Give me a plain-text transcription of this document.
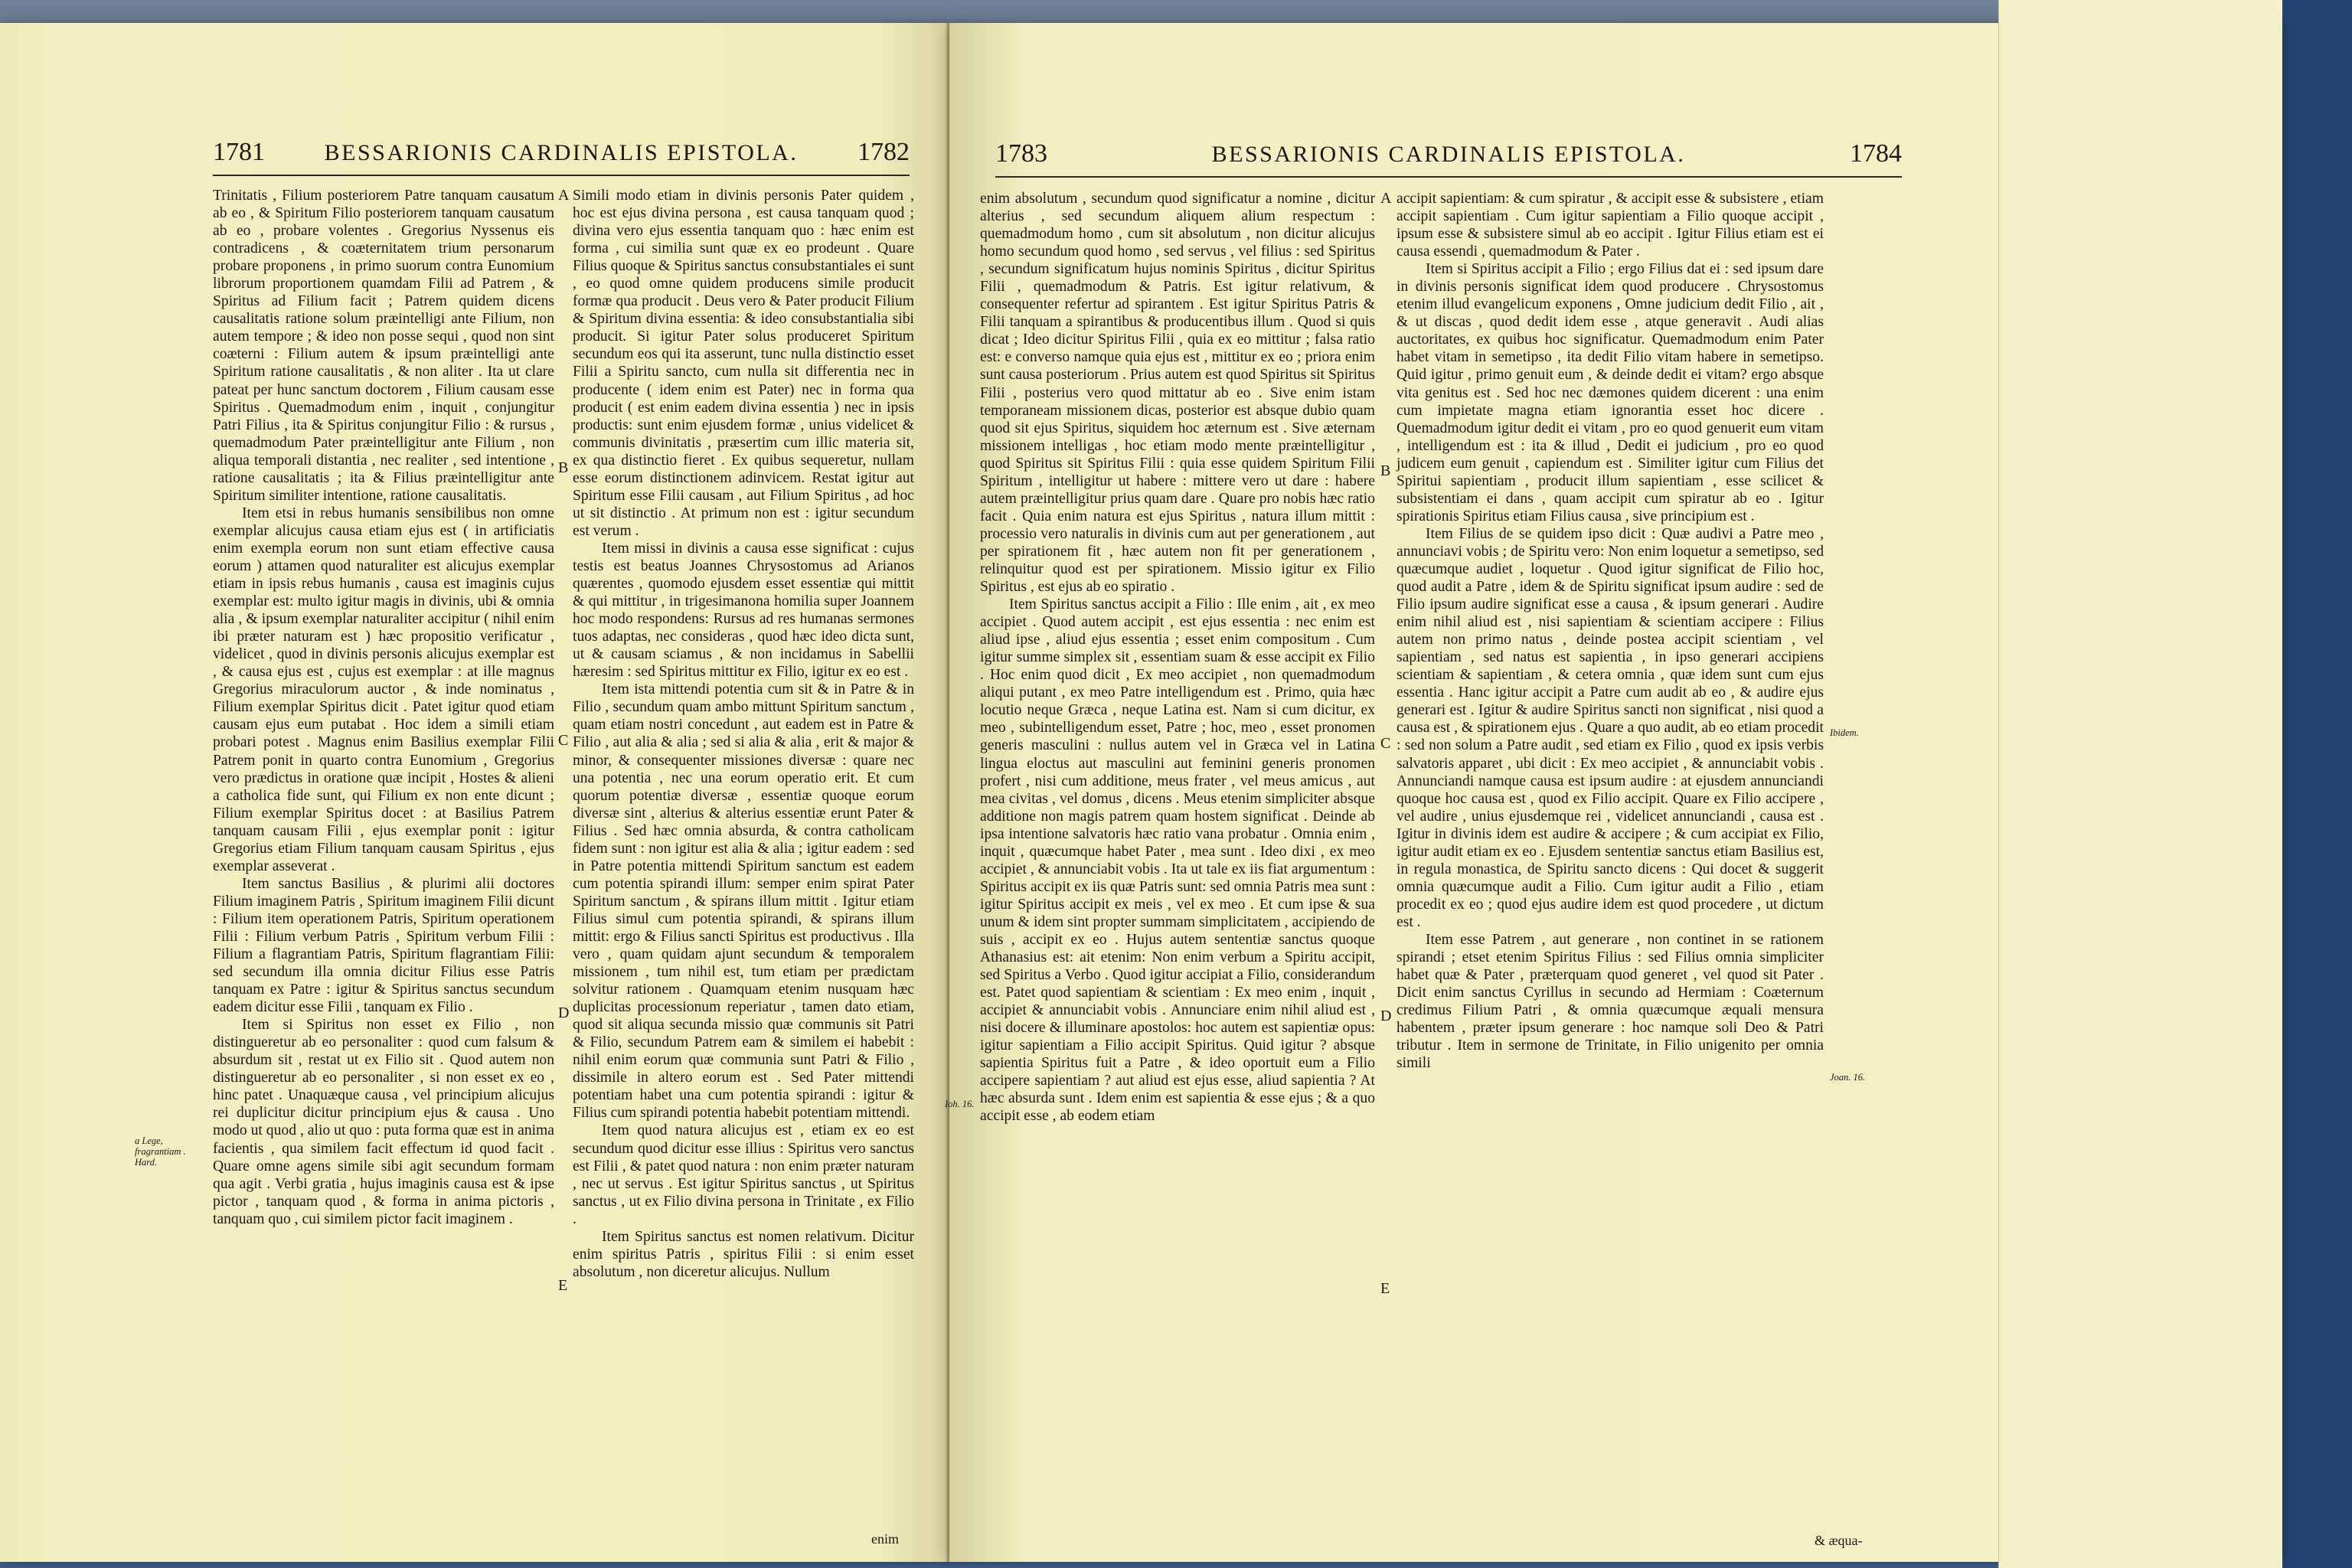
1781	BESSARIONIS CARDINALIS EPISTOLA. 1782

Trinitatis , Filium posteriorem Patre tanquam causatum ab eo , & Spiritum Filio posteriorem tanquam causatum ab eo , probare volentes . Gregorius Nyssenus eis contradicens , & coæternitatem trium personarum probare proponens , in primo suorum contra Eunomium librorum proportionem quamdam Filii ad Patrem , & Spiritus ad Filium facit ; Patrem quidem dicens causalitatis ratione solum præintelligi ante Filium, non autem tempore ; & ideo non posse sequi , quod non sint coæterni : Filium autem & ipsum præintelligi ante Spiritum ratione causalitatis , & non aliter . Ita ut clare pateat per hunc sanctum doctorem , Filium causam esse Spiritus . Quemadmodum enim , inquit , conjungitur Patri Filius , ita & Spiritus conjungitur Filio : & rursus , quemadmodum Pater præintelligitur ante Filium , non aliqua temporali distantia , nec realiter , sed intentione , ratione causalitatis ; ita & Filius præintelligitur ante Spiritum similiter intentione, ratione causalitatis.

Item etsi in rebus humanis sensibilibus non omne exemplar alicujus causa etiam ejus est ( in artificiatis enim exempla eorum non sunt etiam effective causa eorum ) attamen quod naturaliter est alicujus exemplar etiam in ipsis rebus humanis , causa est imaginis cujus exemplar est: multo igitur magis in divinis, ubi & omnia alia , & ipsum exemplar naturaliter accipitur ( nihil enim ibi præter naturam est ) hæc propositio verificatur , videlicet , quod in divinis personis alicujus exemplar est , & causa ejus est , cujus est exemplar : at ille magnus Gregorius miraculorum auctor , & inde nominatus , Filium exemplar Spiritus dicit . Patet igitur quod etiam causam ejus eum putabat . Hoc idem a simili etiam probari potest . Magnus enim Basilius exemplar Filii Patrem ponit in quarto contra Eunomium , Gregorius vero prædictus in oratione quæ incipit , Hostes & alieni a catholica fide sunt, qui Filium ex non ente dicunt ; Filium exemplar Spiritus docet : at Basilius Patrem tanquam causam Filii , ejus exemplar ponit : igitur Gregorius etiam Filium tanquam causam Spiritus , ejus exemplar asseverat .

Item sanctus Basilius , & plurimi alii doctores Filium imaginem Patris , Spiritum imaginem Filii dicunt : Filium item operationem Patris, Spiritum operationem Filii : Filium verbum Patris , Spiritum verbum Filii : Filium a flagrantiam Patris, Spiritum flagrantiam Filii: sed secundum illa omnia dicitur Filius esse Patris tanquam ex Patre : igitur & Spiritus sanctus secundum eadem dicitur esse Filii , tanquam ex Filio .

Item si Spiritus non esset ex Filio , non distingueretur ab eo personaliter : quod cum falsum & absurdum sit , restat ut ex Filio sit . Quod autem non distingueretur ab eo personaliter , si non esset ex eo , hinc patet . Unaquæque causa , vel principium alicujus rei duplicitur dicitur principium ejus & causa . Uno modo ut quod , alio ut quo : puta forma quæ est in anima facientis , qua similem facit effectum id quod facit . Quare omne agens simile sibi agit secundum formam qua agit . Verbi gratia , hujus imaginis causa est & ipse pictor , tanquam quod , & forma in anima pictoris , tanquam quo , cui similem pictor facit imaginem .

A
B
C
D
E
a Lege, fragrantiam . Hard.

Simili modo etiam in divinis personis Pater quidem , hoc est ejus divina persona , est causa tanquam quod ; divina vero ejus essentia tanquam quo : hæc enim est forma , cui similia sunt quæ ex eo prodeunt . Quare Filius quoque & Spiritus sanctus consubstantiales ei sunt , eo quod omne quidem producens simile producit formæ qua producit . Deus vero & Pater producit Filium & Spiritum divina essentia: & ideo consubstantialia sibi producit. Si igitur Pater solus produceret Spiritum secundum eos qui ita asserunt, tunc nulla distinctio esset Filii a Spiritu sancto, cum nulla sit differentia nec in producente ( idem enim est Pater) nec in forma qua producit ( est enim eadem divina essentia ) nec in ipsis productis: sunt enim ejusdem formæ , unius videlicet & communis divinitatis , præsertim cum illic materia sit, ex qua distinctio fieret . Ex quibus sequeretur, nullam esse eorum distinctionem adinvicem. Restat igitur aut Spiritum esse Filii causam , aut Filium Spiritus , ad hoc ut sit distinctio . At primum non est : igitur secundum est verum .

Item missi in divinis a causa esse significat : cujus testis est beatus Joannes Chrysostomus ad Arianos quærentes , quomodo ejusdem esset essentiæ qui mittit & qui mittitur , in trigesimanona homilia super Joannem hoc modo respondens: Rursus ad res humanas sermones tuos adaptas, nec consideras , quod hæc ideo dicta sunt, ut & causam sciamus , & non incidamus in Sabellii hæresim : sed Spiritus mittitur ex Filio, igitur ex eo est .

Item ista mittendi potentia cum sit & in Patre & in Filio , secundum quam ambo mittunt Spiritum sanctum , quam etiam nostri concedunt , aut eadem est in Patre & Filio , aut alia & alia ; sed si alia & alia , erit & major & minor, & consequenter missiones diversæ : quare nec una potentia , nec una eorum operatio erit. Et cum quorum potentiæ diversæ , essentiæ quoque eorum diversæ sint , alterius & alterius essentiæ erunt Pater & Filius . Sed hæc omnia absurda, & contra catholicam fidem sunt : non igitur est alia & alia ; igitur eadem : sed in Patre potentia mittendi Spiritum sanctum est eadem cum potentia spirandi illum: semper enim spirat Pater Spiritum sanctum , & spirans illum mittit . Igitur etiam Filius simul cum potentia spirandi, & spirans illum mittit: ergo & Filius sancti Spiritus est productivus . Illa vero , quam quidam ajunt secundum & temporalem missionem , tum nihil est, tum etiam per prædictam solvitur rationem . Quamquam etenim nusquam hæc duplicitas processionum reperiatur , tamen dato etiam, quod sit aliqua secunda missio quæ communis sit Patri & Filio, secundum Patrem eam & similem ei habebit : nihil enim eorum quæ communia sunt Patri & Filio , dissimile in altero eorum est . Sed Pater mittendi potentiam habet una cum potentia spirandi : igitur & Filius cum spirandi potentia habebit potentiam mittendi.

Item quod natura alicujus est , etiam ex eo est secundum quod dicitur esse illius : Spiritus vero sanctus est Filii , & patet quod natura : non enim præter naturam , nec ut servus . Est igitur Spiritus sanctus , ut Spiritus sanctus , ut ex Filio divina persona in Trinitate , ex Filio .

Item Spiritus sanctus est nomen relativum. Dicitur enim spiritus Patris , spiritus Filii : si enim esset absolutum , non diceretur alicujus. Nullum

enim
1783	BESSARIONIS CARDINALIS EPISTOLA.	1784

enim absolutum , secundum quod significatur a nomine , dicitur alterius , sed secundum aliquem alium respectum : quemadmodum homo , cum sit absolutum , non dicitur alicujus homo secundum quod homo , sed servus , vel filius : sed Spiritus , secundum significatum hujus nominis Spiritus , dicitur Spiritus Filii , quemadmodum & Patris. Est igitur relativum, & consequenter refertur ad spirantem . Est igitur Spiritus Patris & Filii tanquam a spirantibus & producentibus illum . Quod si quis dicat ; Ideo dicitur Spiritus Filii , quia ex eo mittitur ; falsa ratio est: e converso namque quia ejus est , mittitur ex eo ; priora enim sunt causa posteriorum . Prius autem est quod Spiritus sit Spiritus Filii , posterius vero quod mittatur ab eo . Sive enim istam temporaneam missionem dicas, posterior est absque dubio quam quod sit ejus Spiritus, siquidem hoc æternum est . Sive æternam missionem intelligas , hoc etiam modo mente præintelligitur , quod Spiritus sit Spiritus Filii : quia esse quidem Spiritum Filii Spiritum , intelligitur ut habere : mittere vero ut dare : habere autem præintelligitur prius quam dare . Quare pro nobis hæc ratio facit . Quia enim natura est ejus Spiritus , natura illum mittit : processio vero naturalis in divinis cum aut per generationem , aut per spirationem fit , hæc autem non fit per generationem , relinquitur quod est per spirationem. Missio igitur ex Filio Spiritus , est ejus ab eo spiratio .

Item Spiritus sanctus accipit a Filio : Ille enim , ait , ex meo accipiet . Quod autem accipit , est ejus essentia : nec enim est aliud ipse , aliud ejus essentia ; esset enim compositum . Cum igitur summe simplex sit , essentiam suam & esse accipit ex Filio . Hoc enim quod dicit , Ex meo accipiet , non quemadmodum aliqui putant , ex meo Patre intelligendum est . Primo, quia hæc locutio neque Græca , neque Latina est. Nam si cum dicitur, ex meo , subintelligendum esset, Patre ; hoc, meo , esset pronomen generis masculini : nullus autem vel in Græca vel in Latina lingua eloctus aut masculini aut feminini generis pronomen profert , nisi cum additione, meus frater , vel meus amicus , aut mea civitas , vel domus , dicens . Meus etenim simpliciter absque additione non magis patrem quam hostem significat . Deinde ab ipsa intentione salvatoris hæc ratio vana probatur . Omnia enim , inquit , quæcumque habet Pater , mea sunt . Ideo dixi , ex meo accipiet , & annunciabit vobis . Ita ut tale ex iis fiat argumentum : Spiritus accipit ex iis quæ Patris sunt: sed omnia Patris mea sunt : igitur Spiritus accipit ex meis , vel ex meo . Et cum ipse & sua unum & idem sint propter summam simplicitatem , accipiendo de suis , accipit ex eo . Hujus autem sententiæ sanctus quoque Athanasius est: ait etenim: Non enim verbum a Spiritu accipit, sed Spiritus a Verbo . Quod igitur accipiat a Filio, considerandum est. Patet quod sapientiam & scientiam : Ex meo enim , inquit , accipiet & annunciabit vobis . Annunciare enim nihil aliud est , nisi docere & illuminare apostolos: hoc autem est sapientiæ opus: igitur sapientiam a Filio accipit Spiritus. Quid igitur ? absque sapientia Spiritus fuit a Patre , & ideo oportuit eum a Filio accipere sapientiam ? aut aliud est ejus esse, aliud sapientia ? At hæc absurda sunt . Idem enim est sapientia & esse ejus ; & a quo accipit esse , ab eodem etiam

A
B
C
D
E
Ioh. 16.

accipit sapientiam: & cum spiratur , & accipit esse & subsistere , etiam accipit sapientiam . Cum igitur sapientiam a Filio quoque accipit , ipsum esse & subsistere simul ab eo accipit . Igitur Filius etiam est ei causa essendi , quemadmodum & Pater .

Item si Spiritus accipit a Filio ; ergo Filius dat ei : sed ipsum dare in divinis personis significat idem quod producere . Chrysostomus etenim illud evangelicum exponens , Omne judicium dedit Filio , ait , & ut discas , quod dedit idem esse , atque generavit . Audi alias auctoritates, ex quibus hoc significatur. Quemadmodum enim Pater habet vitam in semetipso , ita dedit Filio vitam habere in semetipso. Quid igitur , primo genuit eum , & deinde dedit ei vitam? ergo absque vita genitus est . Sed hoc nec dæmones quidem dicerent : una enim cum impietate magna etiam ignorantia esset hoc dicere . Quemadmodum igitur dedit ei vitam , pro eo quod genuerit eum vitam , intelligendum est : ita & illud , Dedit ei judicium , pro eo quod judicem eum genuit , capiendum est . Similiter igitur cum Filius det Spiritui sapientiam , producit illum sapientiam , esse scilicet & subsistentiam ei dans , quam accipit cum spiratur ab eo . Igitur spirationis Spiritus etiam Filius causa , sive principium est .

Item Filius de se quidem ipso dicit : Quæ audivi a Patre meo , annunciavi vobis ; de Spiritu vero: Non enim loquetur a semetipso, sed quæcumque audiet , loquetur . Quod igitur significat de Filio hoc, quod audit a Patre , idem & de Spiritu significat ipsum audire : sed de Filio ipsum audire significat esse a causa , & ipsum generari . Audire enim nihil aliud est , nisi sapientiam & scientiam accipere : Filius autem non primo natus , deinde postea accipit scientiam , vel sapientiam , sed natus est sapientia , in ipso generari accipiens scientiam & sapientiam , & cetera omnia , quæ idem sunt cum ejus essentia . Hanc igitur accipit a Patre cum audit ab eo , & audire ejus generari est . Igitur & audire Spiritus sancti non significat , nisi quod a causa est , & spirationem ejus . Quare a quo audit, ab eo etiam procedit : sed non solum a Patre audit , sed etiam ex Filio , quod ex ipsis verbis salvatoris apparet , ubi dicit : Ex meo accipiet , & annunciabit vobis . Annunciandi namque causa est ipsum audire : at ejusdem annunciandi quoque hoc causa est , quod ex Filio accipit. Quare ex Filio accipere , vel audire , unius ejusdemque rei , videlicet annunciandi , causa est . Igitur in divinis idem est audire & accipere ; & cum accipiat ex Filio, igitur audit etiam ex eo . Ejusdem sententiæ sanctus etiam Basilius est, in regula monastica, de Spiritu sancto dicens : Qui docet & suggerit omnia quæcumque audit a Filio. Cum igitur audit a Filio , etiam procedit ex eo ; quod ejus audire idem est quod procedere , ut dictum est .

Item esse Patrem , aut generare , non continet in se rationem spirandi ; etset etenim Spiritus Filius : sed Filius omnia simpliciter habet quæ & Pater , præterquam quod generet , vel quod sit Pater . Dicit enim sanctus Cyrillus in secundo ad Hermiam : Coæternum credimus Filium Patri , & omnia quæcumque æquali mensura habentem , præter ipsum generare : hoc namque soli Deo & Patri tributur . Item in sermone de Trinitate, in Filio unigenito per omnia simili

Ibidem.
Joan. 16.
& æqua-
